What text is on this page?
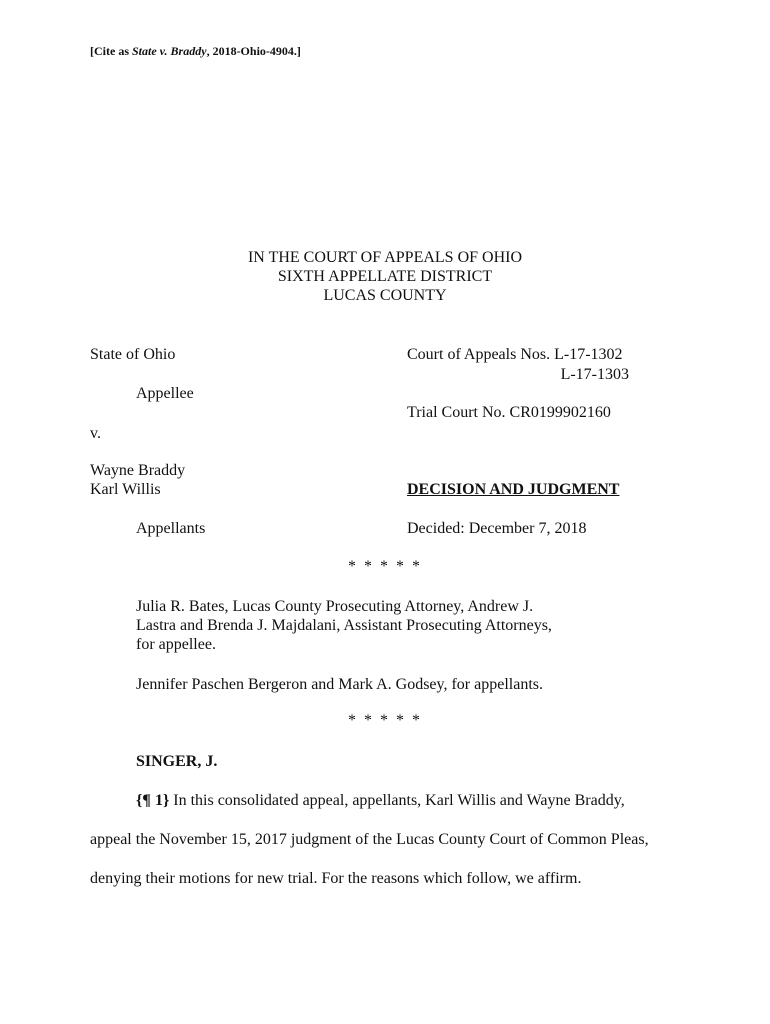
[Cite as State v. Braddy, 2018-Ohio-4904.]
IN THE COURT OF APPEALS OF OHIO
SIXTH APPELLATE DISTRICT
LUCAS COUNTY
State of Ohio
Appellee
v.
Wayne Braddy
Karl Willis
Appellants
Court of Appeals Nos. L-17-1302
L-17-1303
Trial Court No. CR0199902160
DECISION AND JUDGMENT
Decided: December 7, 2018
* * * * *
Julia R. Bates, Lucas County Prosecuting Attorney, Andrew J.
Lastra and Brenda J. Majdalani, Assistant Prosecuting Attorneys,
for appellee.
Jennifer Paschen Bergeron and Mark A. Godsey, for appellants.
* * * * *
SINGER, J.
{¶ 1} In this consolidated appeal, appellants, Karl Willis and Wayne Braddy,
appeal the November 15, 2017 judgment of the Lucas County Court of Common Pleas,
denying their motions for new trial. For the reasons which follow, we affirm.
